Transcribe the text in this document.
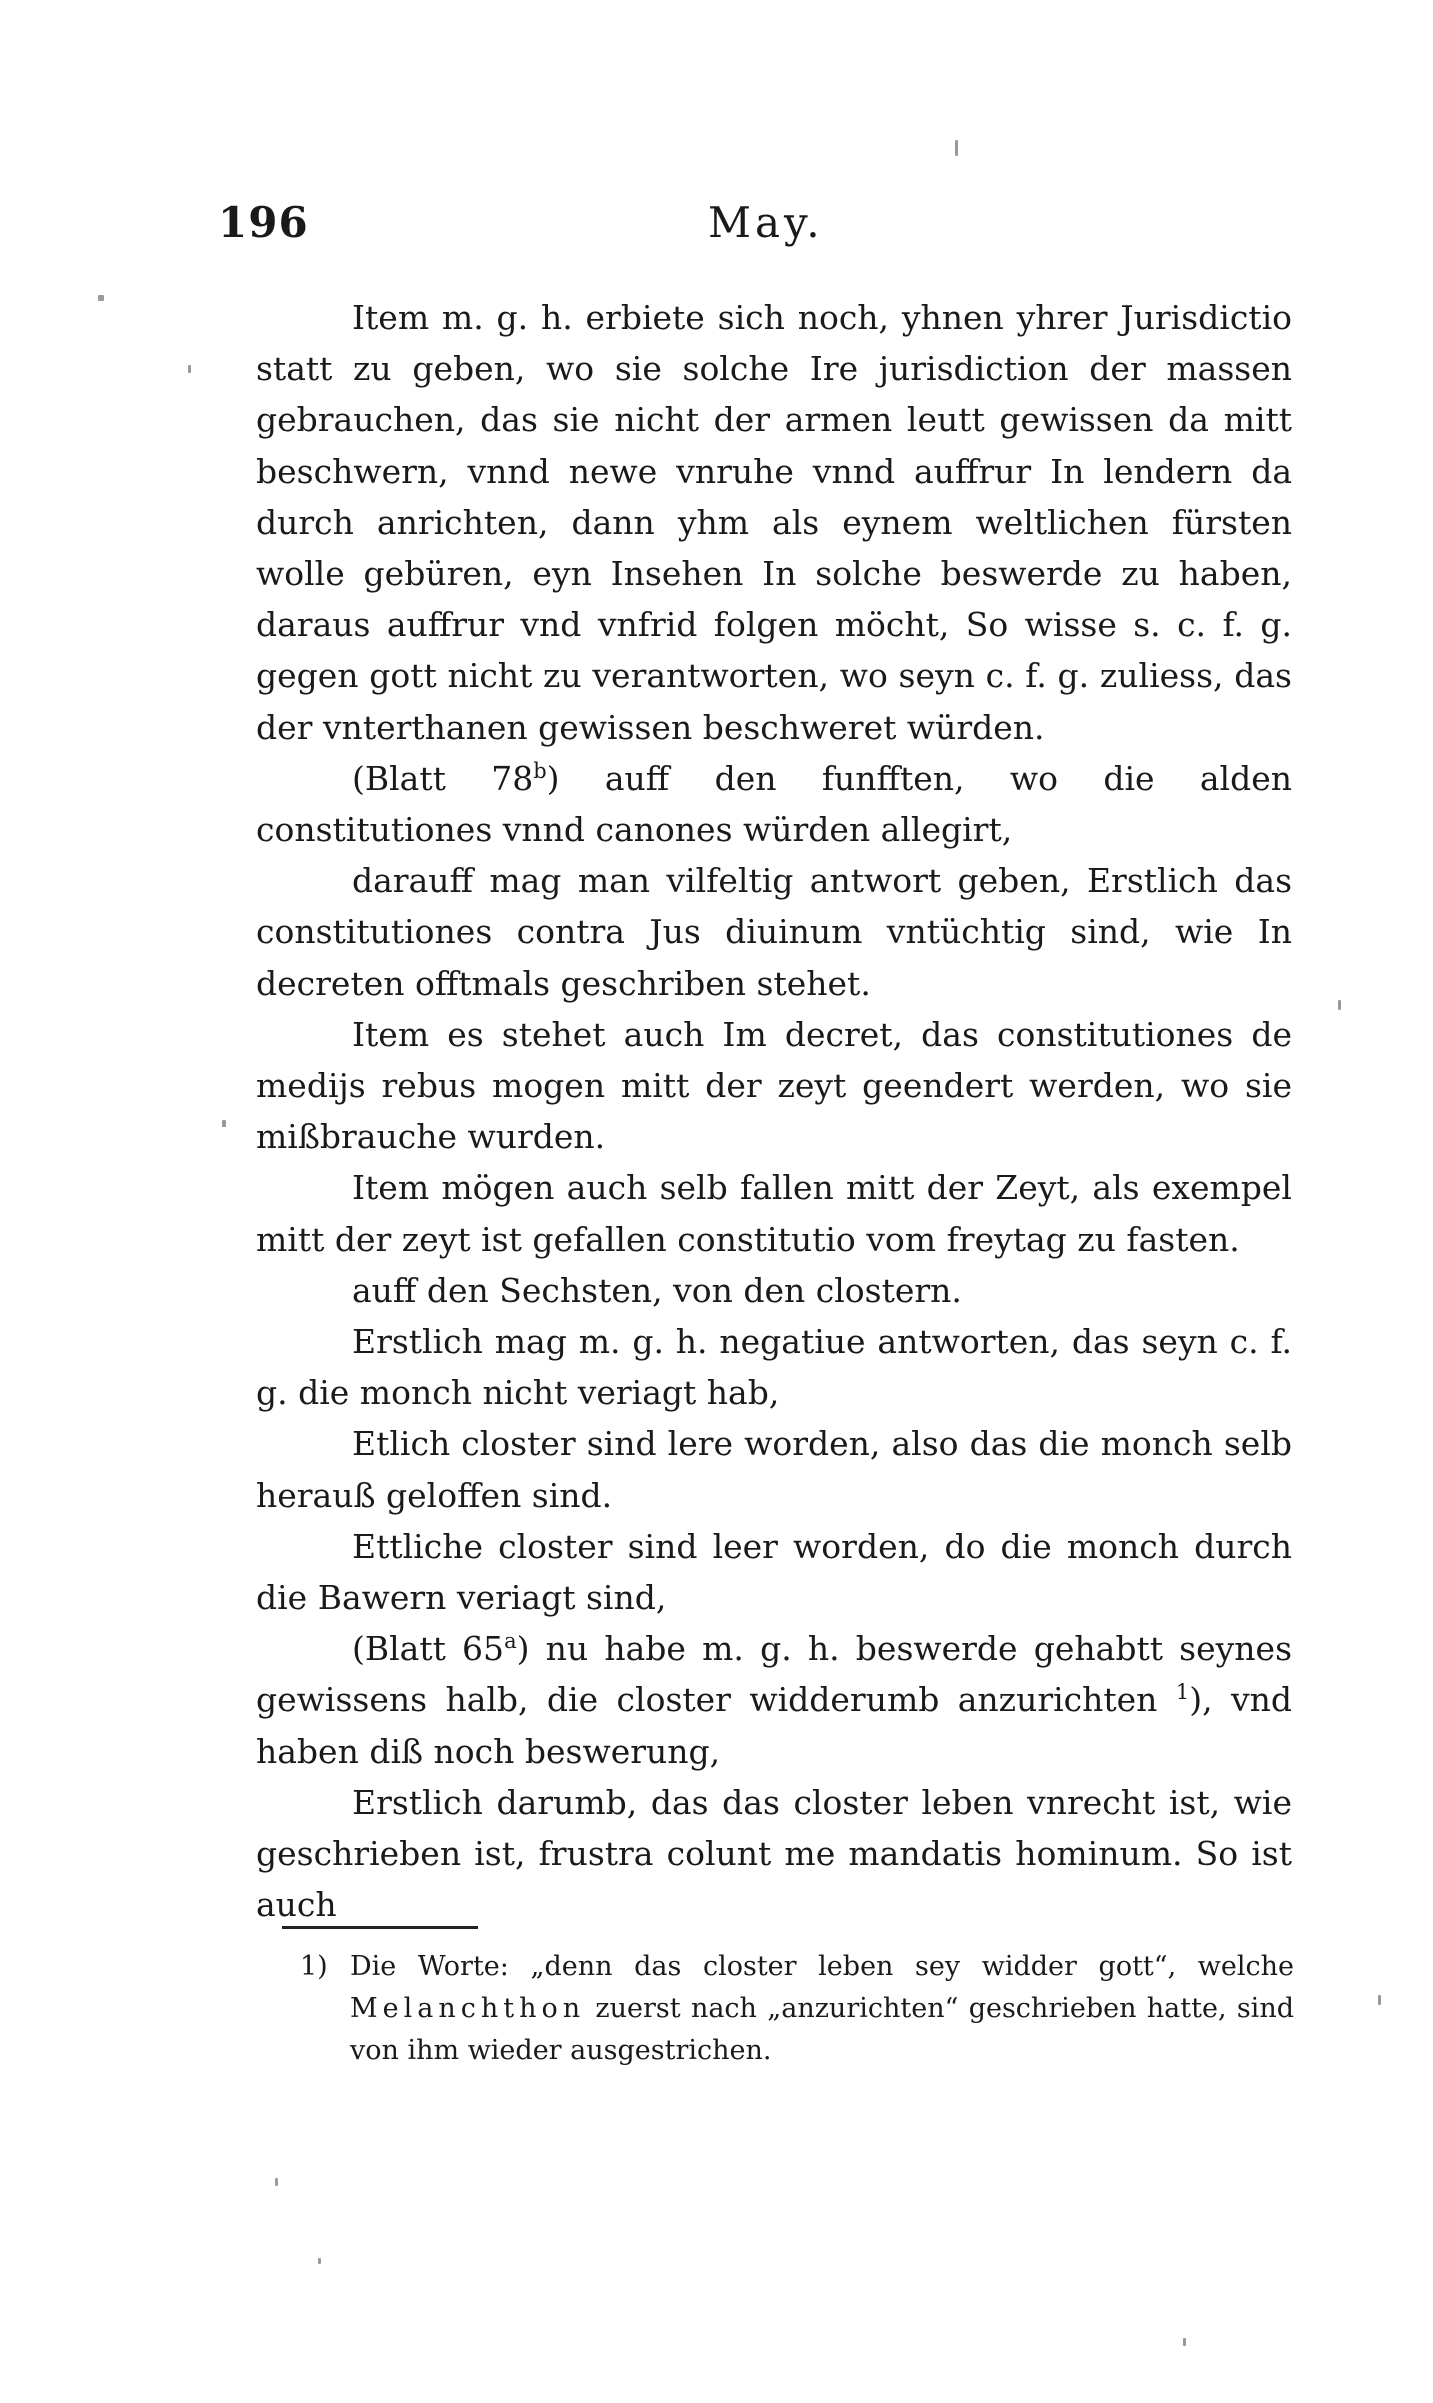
196	May.

Item m. g. h. erbiete sich noch, yhnen yhrer Jurisdictio statt zu geben, wo sie solche Ire jurisdiction der massen gebrauchen, das sie nicht der armen leutt gewissen da mitt beschwern, vnnd newe vnruhe vnnd auffrur In lendern da durch anrichten, dann yhm als eynem weltlichen fürsten wolle gebüren, eyn Insehen In solche beswerde zu haben, daraus auffrur vnd vnfrid folgen möcht, So wisse s. c. f. g. gegen gott nicht zu verantworten, wo seyn c. f. g. zuliess, das der vnterthanen gewissen beschweret würden.

(Blatt 78$^b$) auff den funfften, wo die alden constitutiones vnnd canones würden allegirt,

darauff mag man vilfeltig antwort geben, Erstlich das constitutiones contra Jus diuinum vntüchtig sind, wie In decreten offtmals geschriben stehet.

Item es stehet auch Im decret, das constitutiones de medijs rebus mogen mitt der zeyt geendert werden, wo sie mißbrauche wurden.

Item mögen auch selb fallen mitt der Zeyt, als exempel mitt der zeyt ist gefallen constitutio vom freytag zu fasten.

auff den Sechsten, von den clostern.

Erstlich mag m. g. h. negatiue antworten, das seyn c. f. g. die monch nicht veriagt hab,

Etlich closter sind lere worden, also das die monch selb herauß geloffen sind.

Ettliche closter sind leer worden, do die monch durch die Bawern veriagt sind,

(Blatt 65$^a$) nu habe m. g. h. beswerde gehabtt seynes gewissens halb, die closter widderumb anzurichten $^1$), vnd haben diß noch beswerung,

Erstlich darumb, das das closter leben vnrecht ist, wie geschrieben ist, frustra colunt me mandatis hominum. So ist auch

1) Die Worte: „denn das closter leben sey widder gott“, welche Melanchthon zuerst nach „anzurichten“ geschrieben hatte, sind von ihm wieder ausgestrichen.
